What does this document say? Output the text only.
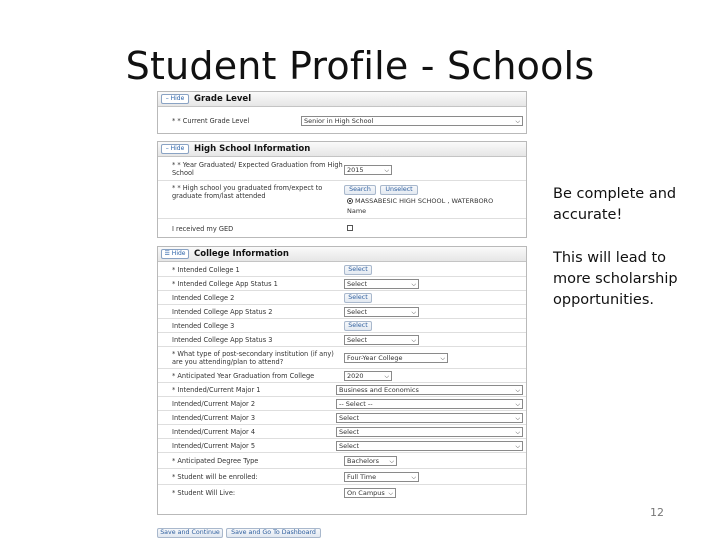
Student Profile - Schools
– Hide	Grade Level
* * Current Grade Level	Senior in High School	⌵
– Hide	High School Information
* * Year Graduated/ Expected Graduation from High School	2015	⌵
* * High school you graduated from/expect to graduate from/last attended
Search	Unselect
MASSABESIC HIGH SCHOOL , WATERBORO
Name
I received my GED
☰ Hide	College Information
* Intended College 1	Select
* Intended College App Status 1	Select	⌵
Intended College 2	Select
Intended College App Status 2	Select	⌵
Intended College 3	Select
Intended College App Status 3	Select	⌵
* What type of post-secondary institution (if any) are you attending/plan to attend?	Four-Year College	⌵
* Anticipated Year Graduation from College	2020	⌵
* Intended/Current Major 1	Business and Economics	⌵
Intended/Current Major 2	-- Select --	⌵
Intended/Current Major 3	Select	⌵
Intended/Current Major 4	Select	⌵
Intended/Current Major 5	Select	⌵
* Anticipated Degree Type	Bachelors ⌵
* Student will be enrolled:	Full Time	⌵
* Student Will Live:	On Campus ⌵
Save and Continue	Save and Go To Dashboard
Be complete and accurate!
This will lead to more scholarship opportunities.
12
